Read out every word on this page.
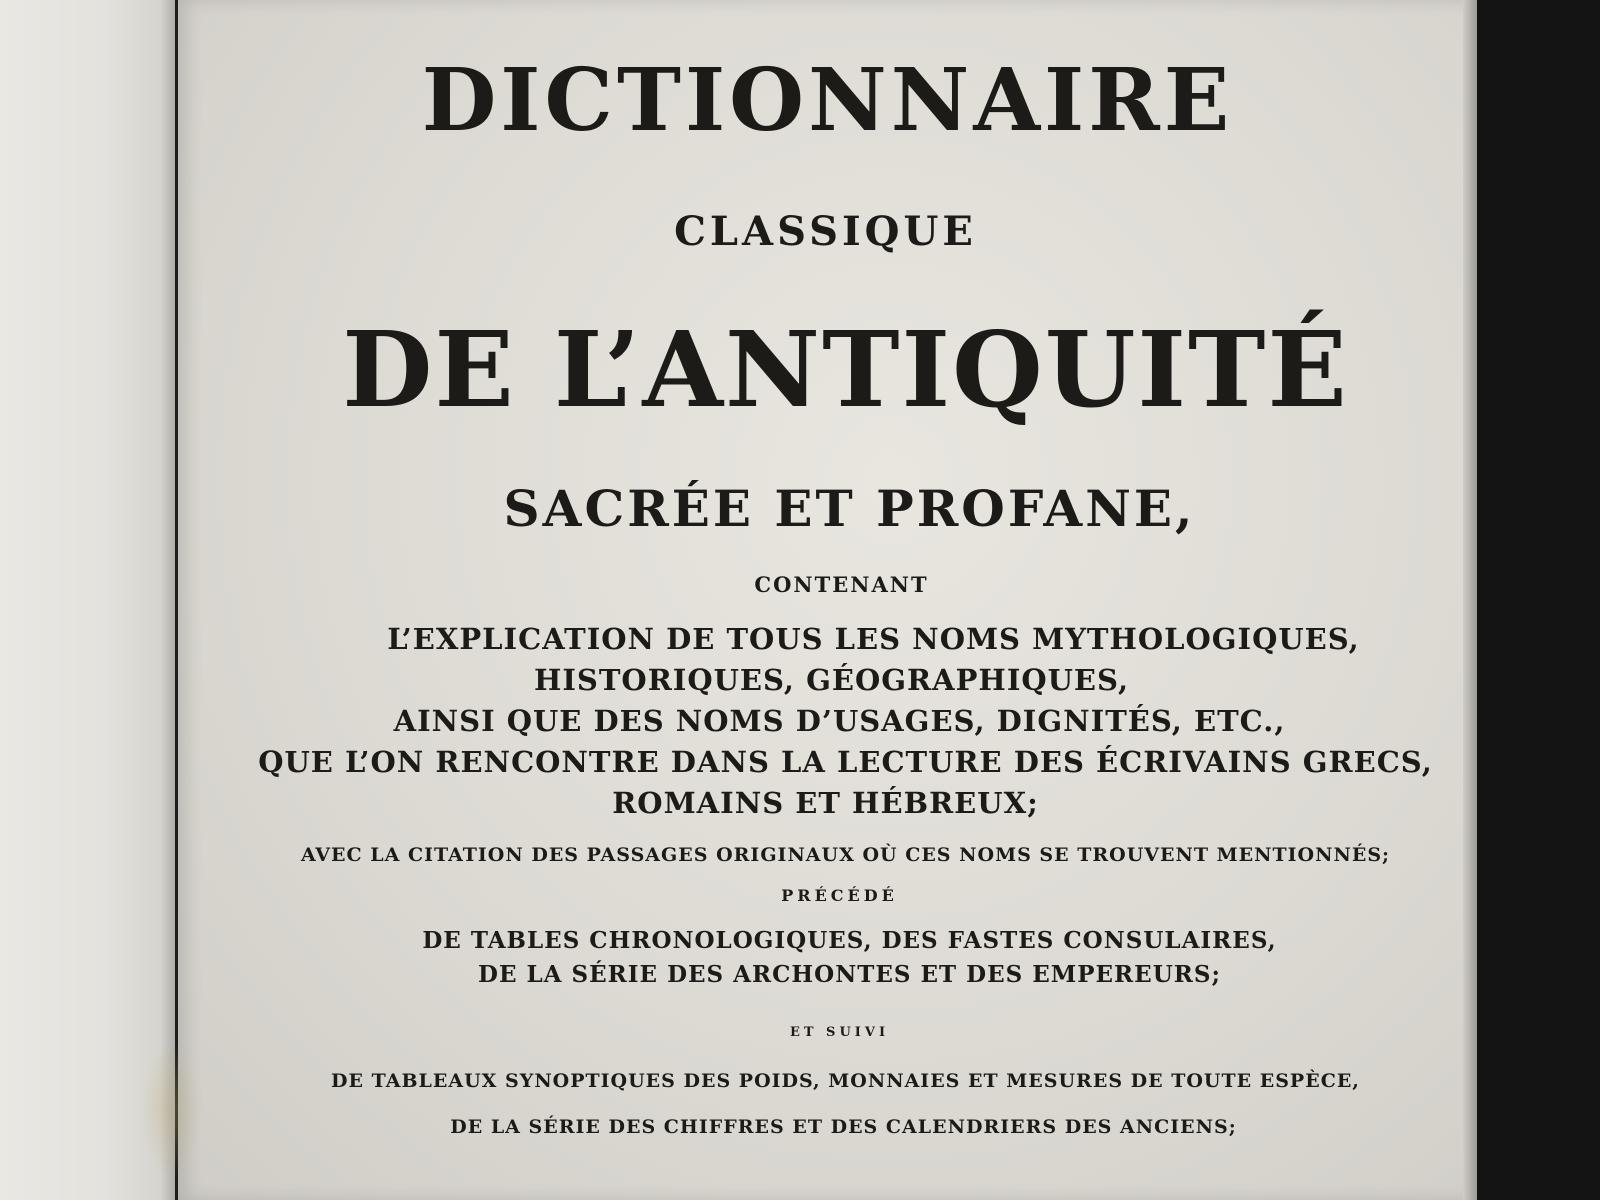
DICTIONNAIRE

CLASSIQUE

DE L’ANTIQUITÉ

SACRÉE ET PROFANE,

CONTENANT

L’EXPLICATION DE TOUS LES NOMS MYTHOLOGIQUES,

HISTORIQUES, GÉOGRAPHIQUES,

AINSI QUE DES NOMS D’USAGES, DIGNITÉS, ETC.,

QUE L’ON RENCONTRE DANS LA LECTURE DES ÉCRIVAINS GRECS,

ROMAINS ET HÉBREUX;

AVEC LA CITATION DES PASSAGES ORIGINAUX OÙ CES NOMS SE TROUVENT MENTIONNÉS;

PRÉCÉDÉ

DE TABLES CHRONOLOGIQUES, DES FASTES CONSULAIRES,

DE LA SÉRIE DES ARCHONTES ET DES EMPEREURS;

ET SUIVI

DE TABLEAUX SYNOPTIQUES DES POIDS, MONNAIES ET MESURES DE TOUTE ESPÈCE,

DE LA SÉRIE DES CHIFFRES ET DES CALENDRIERS DES ANCIENS;
